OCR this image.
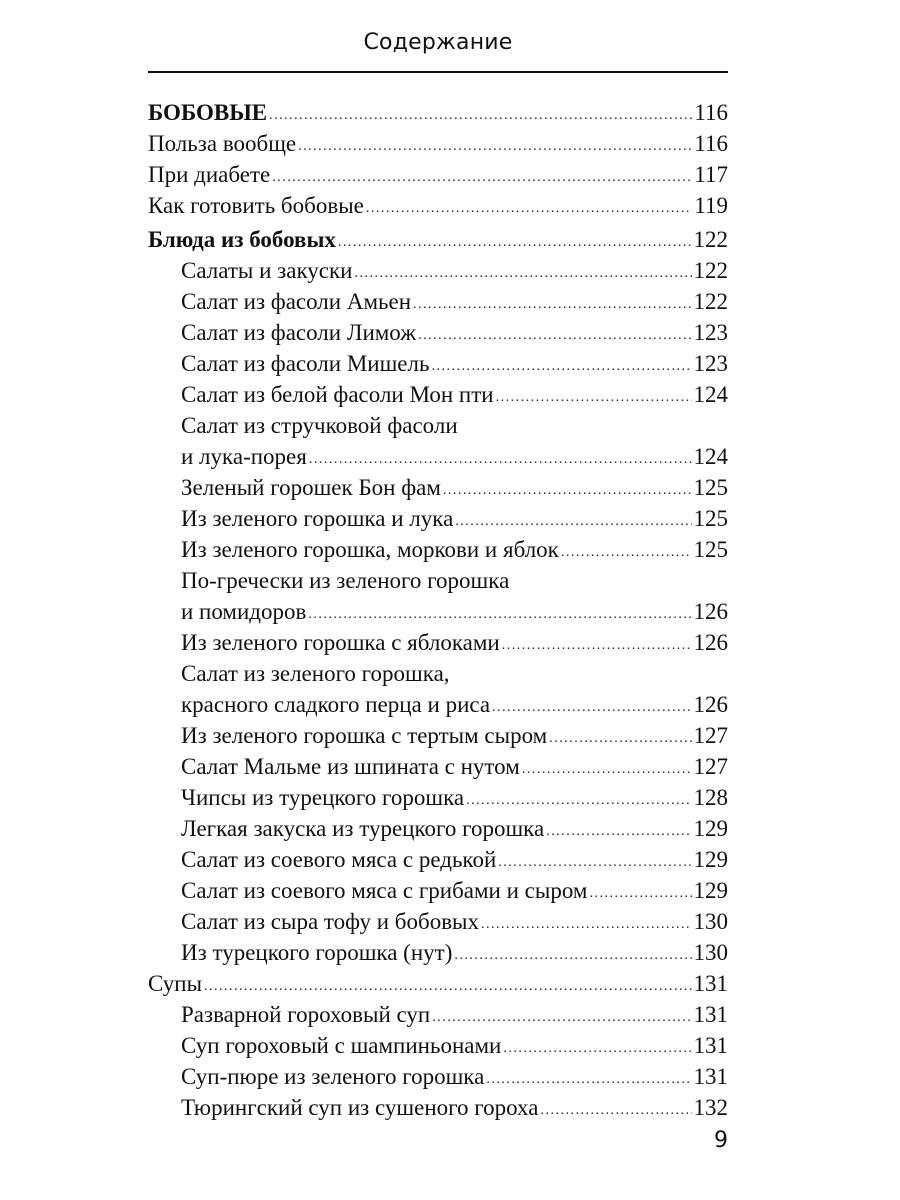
Содержание
БОБОВЫЕ . . .	116
Польза вообще . . .	116
При диабете . . .	117
Как готовить бобовые . . .	119
Блюда из бобовых . . .	122
Салаты и закуски . . .	122
Салат из фасоли Амьен . . .	122
Салат из фасоли Лимож . . .	123
Салат из фасоли Мишель . . .	123
Салат из белой фасоли Мон пти . . .	124
Салат из стручковой фасоли
и лука-порея . . .	124
Зеленый горошек Бон фам . . .	125
Из зеленого горошка и лука . . .	125
Из зеленого горошка, моркови и яблок . . .	125
По-гречески из зеленого горошка
и помидоров . . .	126
Из зеленого горошка с яблоками . . .	126
Салат из зеленого горошка,
красного сладкого перца и риса . . .	126
Из зеленого горошка с тертым сыром . . .	127
Салат Мальме из шпината с нутом . . .	127
Чипсы из турецкого горошка . . .	128
Легкая закуска из турецкого горошка . . .	129
Салат из соевого мяса с редькой . . .	129
Салат из соевого мяса с грибами и сыром . . .	129
Салат из сыра тофу и бобовых . . .	130
Из турецкого горошка (нут) . . .	130
Супы . . .	131
Разварной гороховый суп . . .	131
Суп гороховый с шампиньонами . . .	131
Суп-пюре из зеленого горошка . . .	131
Тюрингский суп из сушеного гороха . . .	132
9
